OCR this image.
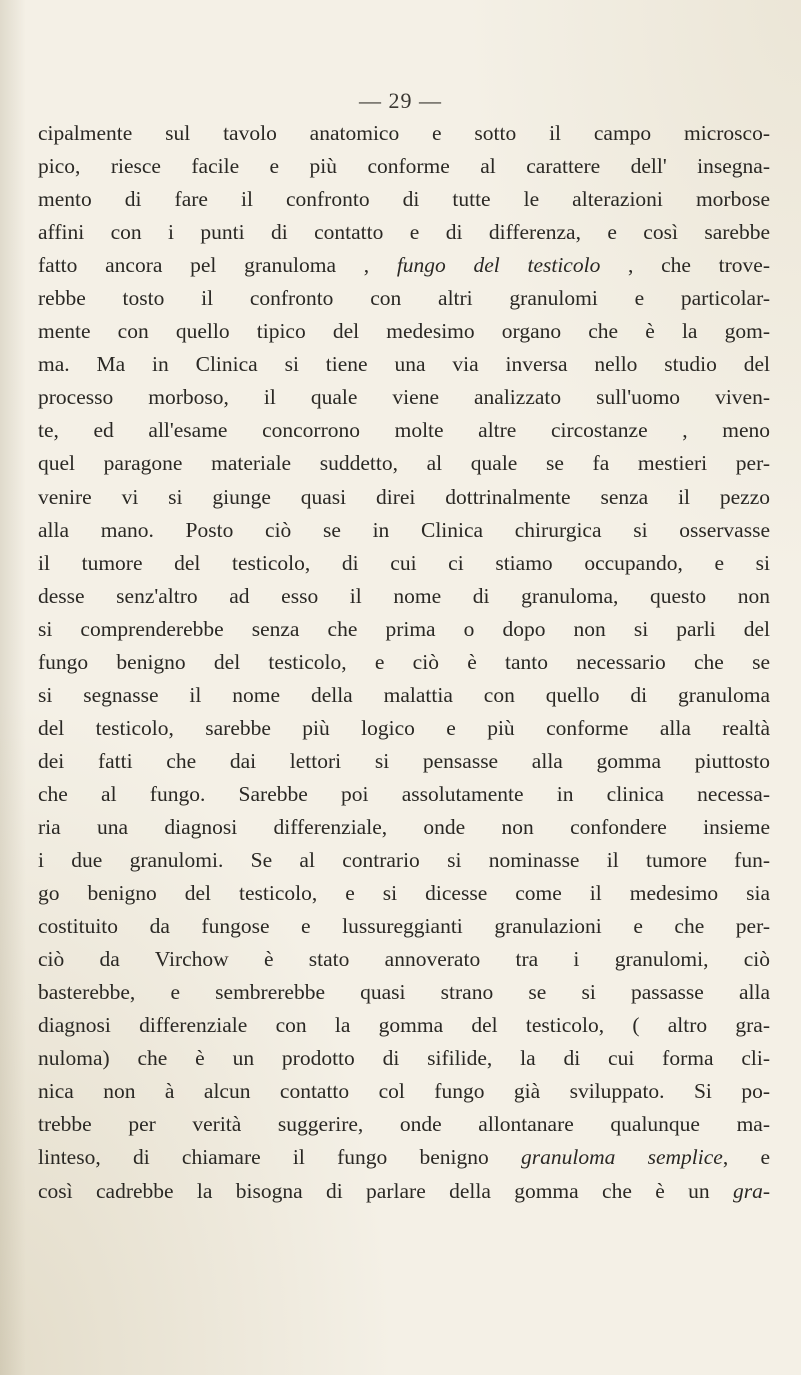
— 29 —
cipalmente sul tavolo anatomico e sotto il campo microsco-
pico, riesce facile e più conforme al carattere dell' insegna-
mento di fare il confronto di tutte le alterazioni morbose
affini con i punti di contatto e di differenza, e così sarebbe
fatto ancora pel granuloma , fungo del testicolo , che trove-
rebbe tosto il confronto con altri granulomi e particolar-
mente con quello tipico del medesimo organo che è la gom-
ma. Ma in Clinica si tiene una via inversa nello studio del
processo morboso, il quale viene analizzato sull'uomo viven-
te, ed all'esame concorrono molte altre circostanze , meno
quel paragone materiale suddetto, al quale se fa mestieri per-
venire vi si giunge quasi direi dottrinalmente senza il pezzo
alla mano. Posto ciò se in Clinica chirurgica si osservasse
il tumore del testicolo, di cui ci stiamo occupando, e si
desse senz'altro ad esso il nome di granuloma, questo non
si comprenderebbe senza che prima o dopo non si parli del
fungo benigno del testicolo, e ciò è tanto necessario che se
si segnasse il nome della malattia con quello di granuloma
del testicolo, sarebbe più logico e più conforme alla realtà
dei fatti che dai lettori si pensasse alla gomma piuttosto
che al fungo. Sarebbe poi assolutamente in clinica necessa-
ria una diagnosi differenziale, onde non confondere insieme
i due granulomi. Se al contrario si nominasse il tumore fun-
go benigno del testicolo, e si dicesse come il medesimo sia
costituito da fungose e lussureggianti granulazioni e che per-
ciò da Virchow è stato annoverato tra i granulomi, ciò
basterebbe, e sembrerebbe quasi strano se si passasse alla
diagnosi differenziale con la gomma del testicolo, ( altro gra-
nuloma) che è un prodotto di sifilide, la di cui forma cli-
nica non à alcun contatto col fungo già sviluppato. Si po-
trebbe per verità suggerire, onde allontanare qualunque ma-
linteso, di chiamare il fungo benigno granuloma semplice, e
così cadrebbe la bisogna di parlare della gomma che è un gra-
